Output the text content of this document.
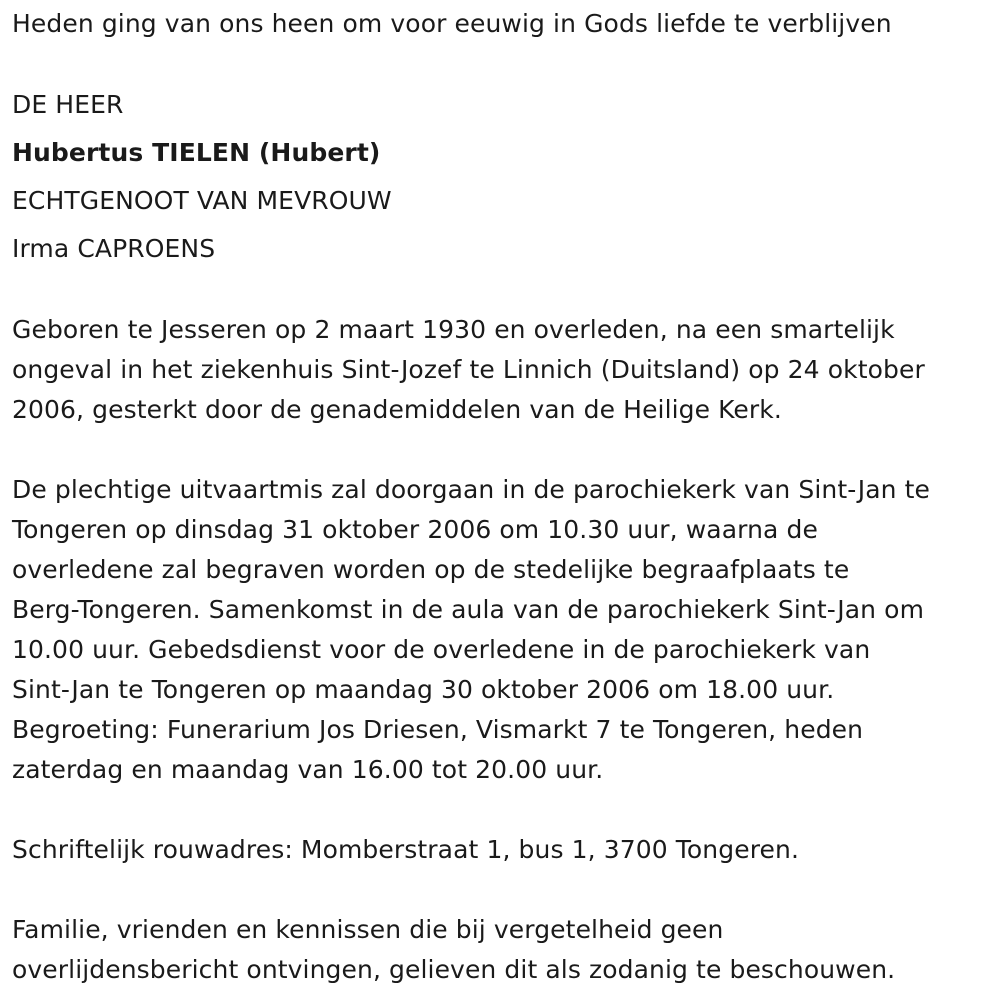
Heden ging van ons heen om voor eeuwig in Gods liefde te verblijven
DE HEER
Hubertus TIELEN (Hubert)
ECHTGENOOT VAN MEVROUW
Irma CAPROENS
Geboren te Jesseren op 2 maart 1930 en overleden, na een smartelijk
ongeval in het ziekenhuis Sint-Jozef te Linnich (Duitsland) op 24 oktober
2006, gesterkt door de genademiddelen van de Heilige Kerk.
De plechtige uitvaartmis zal doorgaan in de parochiekerk van Sint-Jan te
Tongeren op dinsdag 31 oktober 2006 om 10.30 uur, waarna de
overledene zal begraven worden op de stedelijke begraafplaats te
Berg-Tongeren. Samenkomst in de aula van de parochiekerk Sint-Jan om
10.00 uur. Gebedsdienst voor de overledene in de parochiekerk van
Sint-Jan te Tongeren op maandag 30 oktober 2006 om 18.00 uur.
Begroeting: Funerarium Jos Driesen, Vismarkt 7 te Tongeren, heden
zaterdag en maandag van 16.00 tot 20.00 uur.
Schriftelijk rouwadres: Momberstraat 1, bus 1, 3700 Tongeren.
Familie, vrienden en kennissen die bij vergetelheid geen
overlijdensbericht ontvingen, gelieven dit als zodanig te beschouwen.
